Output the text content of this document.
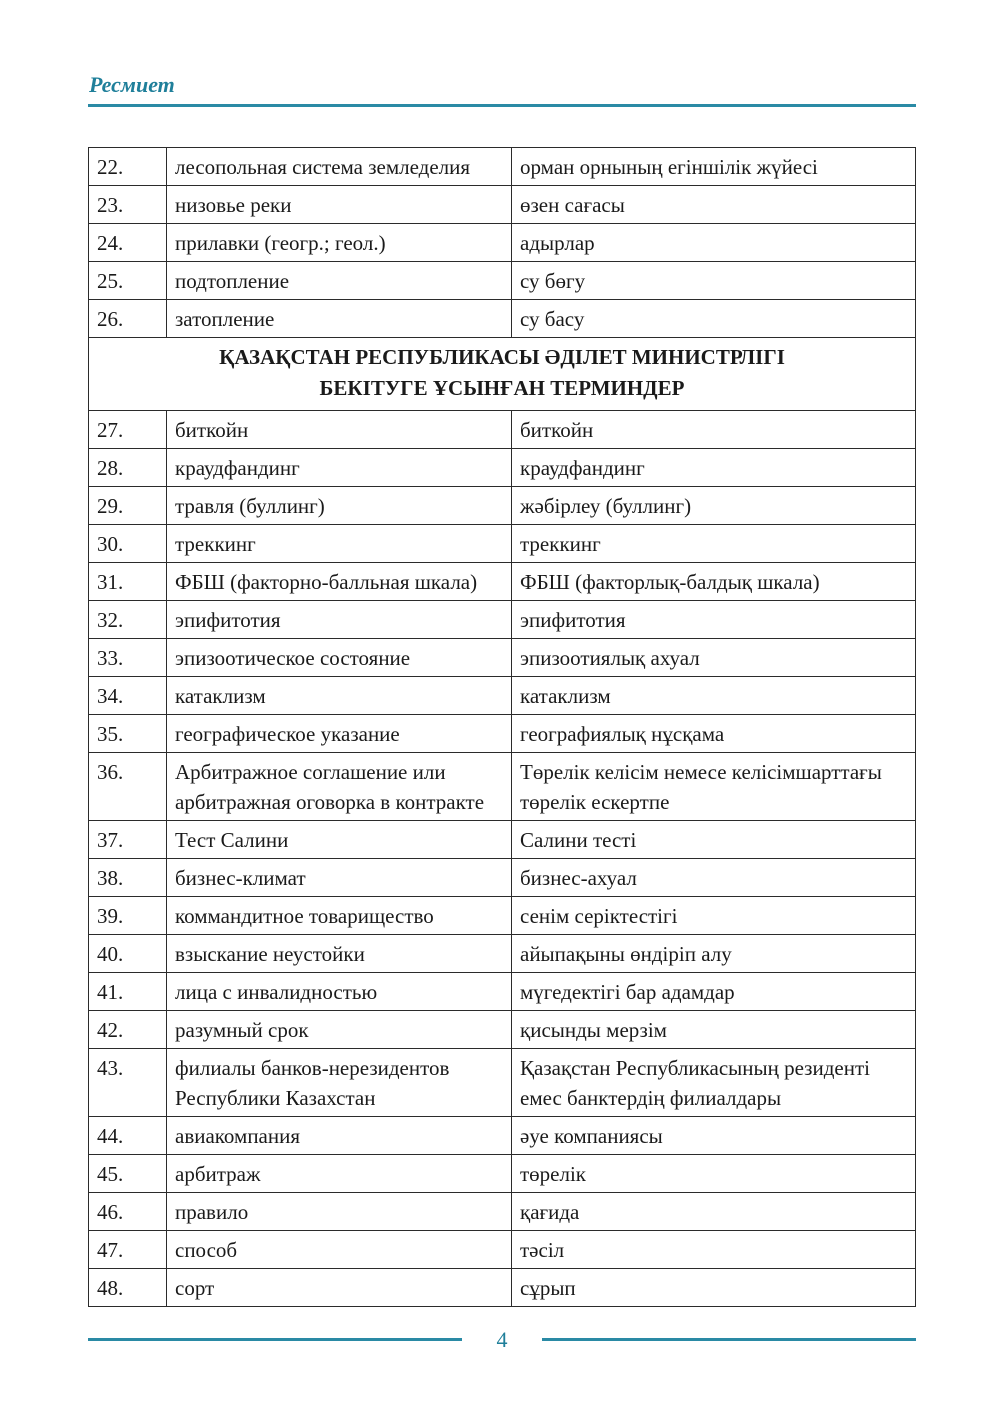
Ресмиет
22.	лесопольная система земледелия	орман орнының егіншілік жүйесі
23.	низовье реки	өзен сағасы
24.	прилавки (геогр.; геол.)	адырлар
25.	подтопление	су бөгу
26.	затопление	су басу

ҚАЗАҚСТАН РЕСПУБЛИКАСЫ ӘДІЛЕТ МИНИСТРЛІГІ
БЕКІТУГЕ ҰСЫНҒАН ТЕРМИНДЕР		

27.	биткойн	биткойн
28.	краудфандинг	краудфандинг
29.	травля (буллинг)	жәбірлеу (буллинг)
30.	треккинг	треккинг
31.	ФБШ (факторно-балльная шкала)	ФБШ (факторлық-балдық шкала)
32.	эпифитотия	эпифитотия
33.	эпизоотическое состояние	эпизоотиялық ахуал
34.	катаклизм	катаклизм
35.	географическое указание	географиялық нұсқама
36.	Арбитражное соглашение или арбитражная оговорка в контракте	Төрелік келісім немесе келісімшарттағы төрелік ескертпе
37.	Тест Салини	Салини тесті
38.	бизнес-климат	бизнес-ахуал
39.	коммандитное товарищество	сенім серіктестігі
40.	взыскание неустойки	айыпақыны өндіріп алу
41.	лица с инвалидностью	мүгедектігі бар адамдар
42.	разумный срок	қисынды мерзім
43.	филиалы банков-нерезидентов Республики Казахстан	Қазақстан Республикасының резиденті емес банктердің филиалдары
44.	авиакомпания	әуе компаниясы
45.	арбитраж	төрелік
46.	правило	қағида
47.	способ	тәсіл
48.	сорт	сұрып
4
